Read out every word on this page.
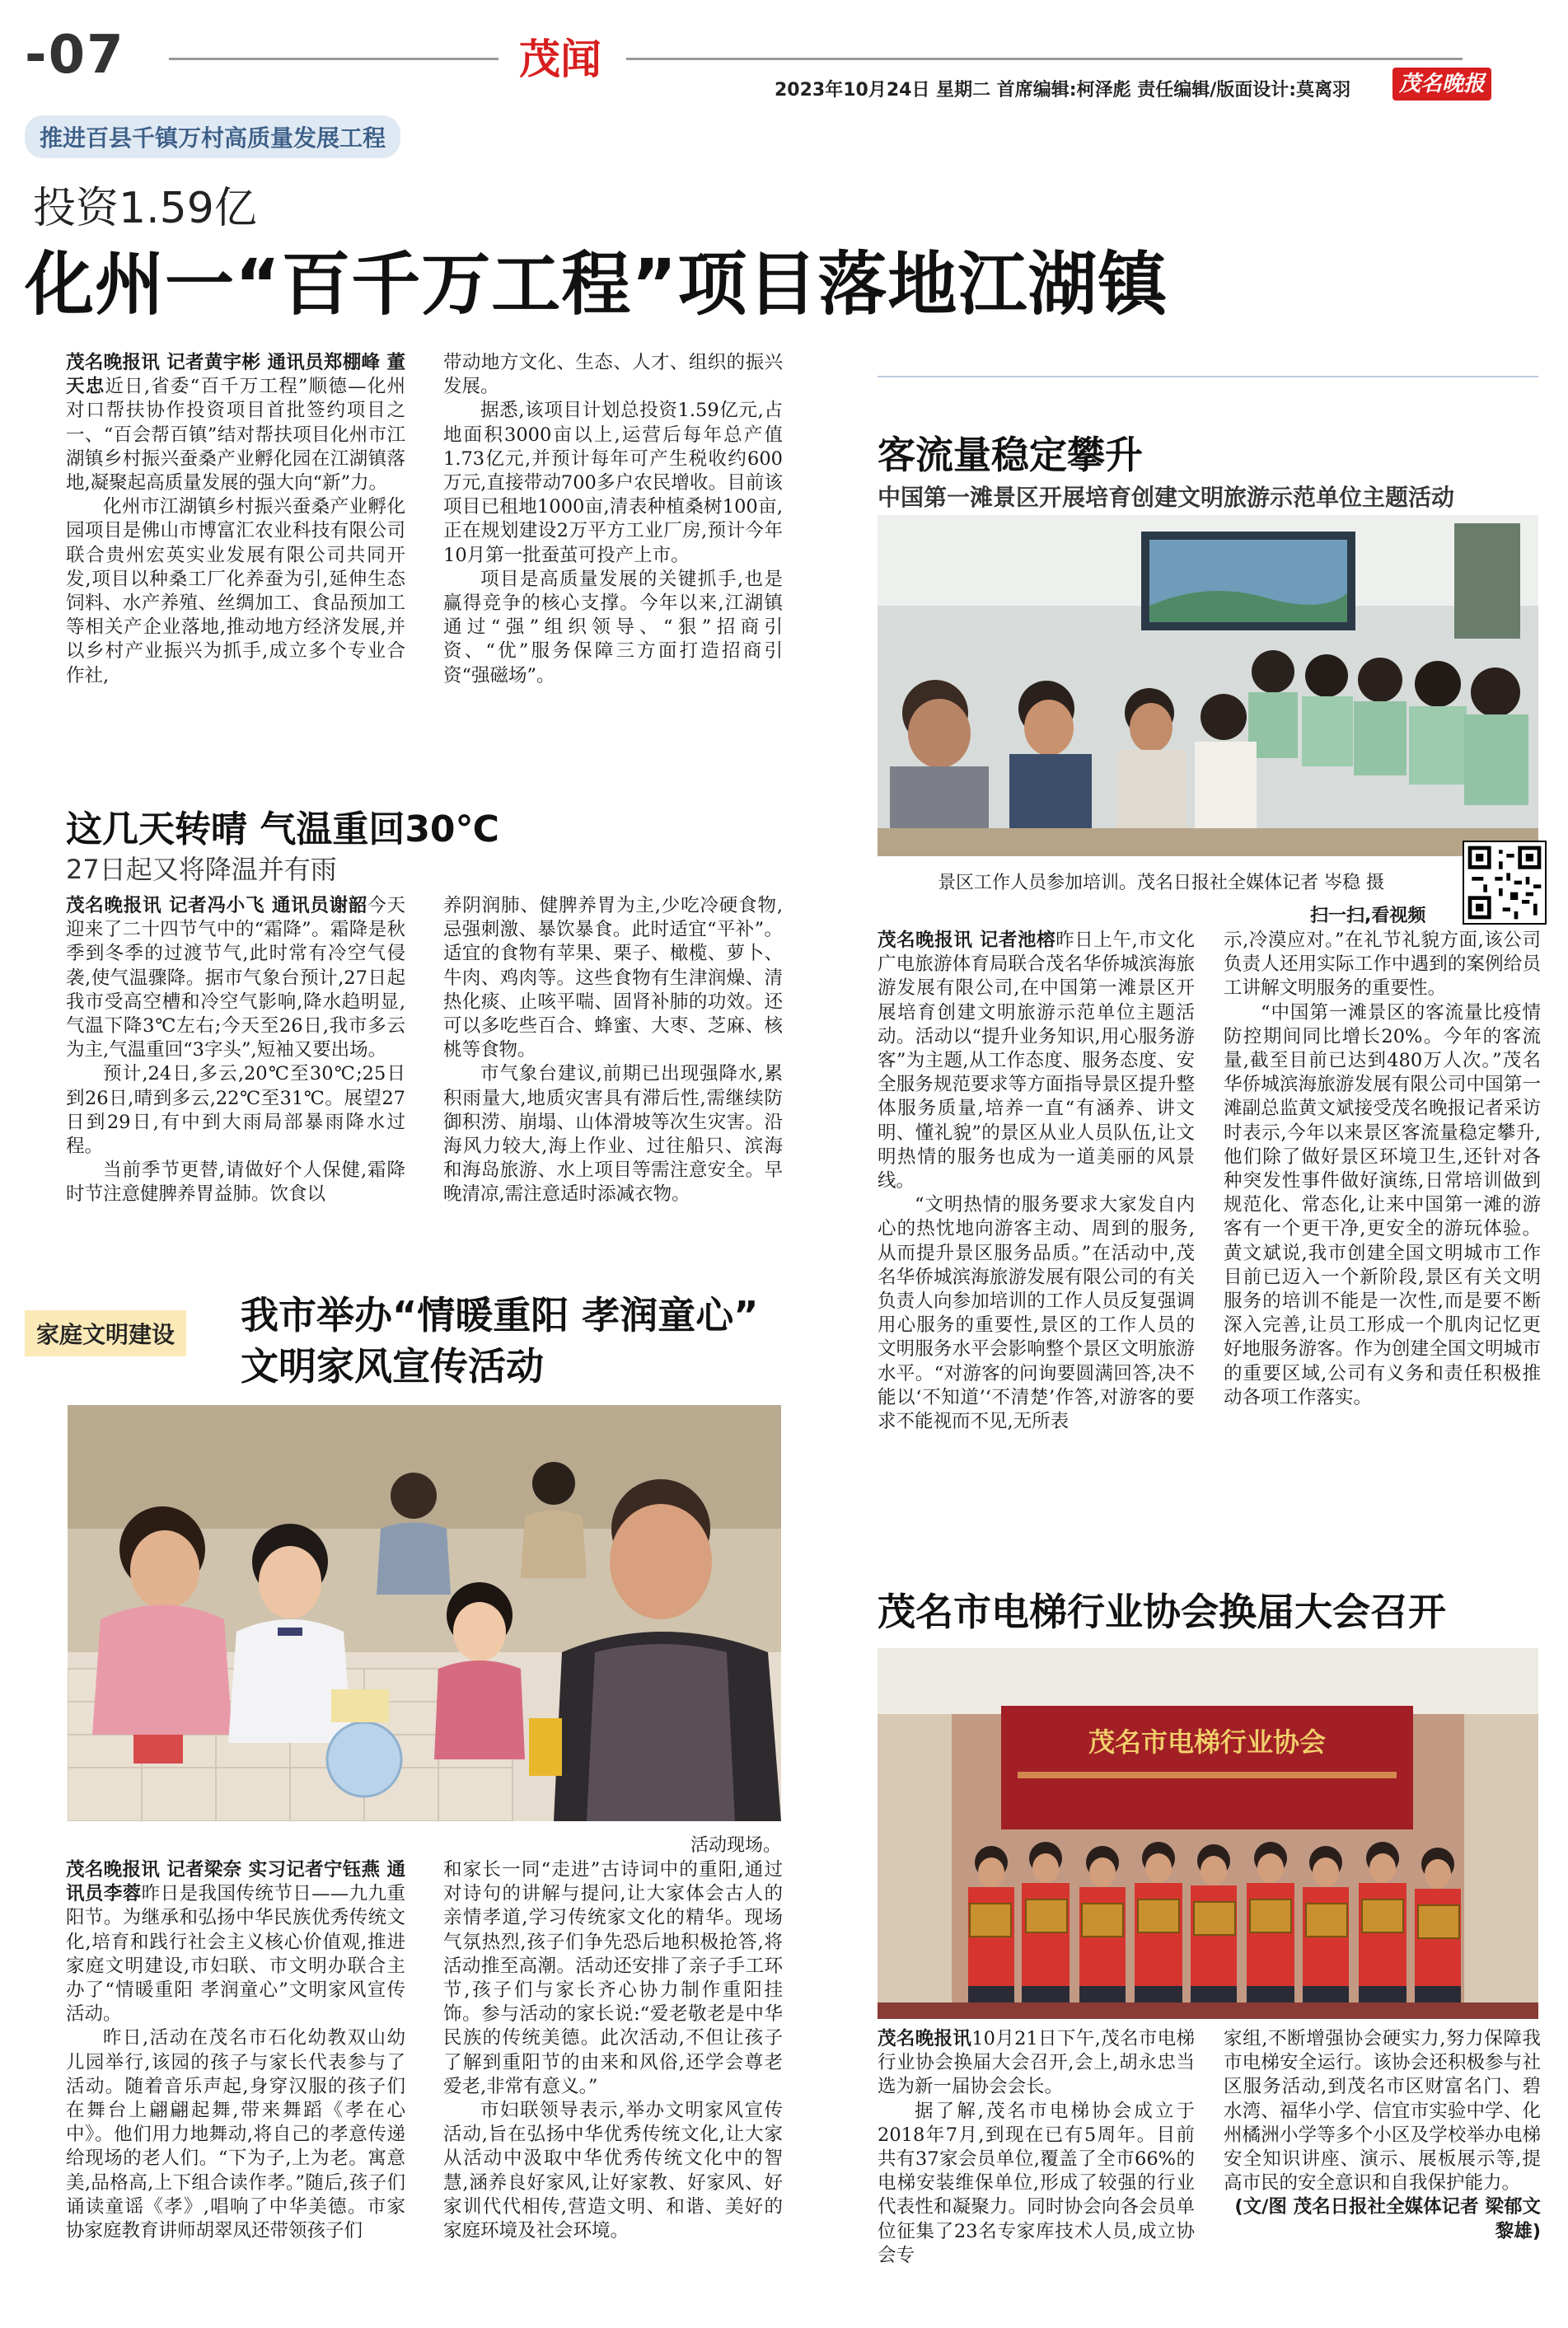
-07	茂闻
2023年10月24日 星期二 首席编辑:柯泽彪 责任编辑/版面设计:莫离羽	茂名晚报
推进百县千镇万村高质量发展工程
投资1.59亿
化州一“百千万工程”项目落地江湖镇

茂名晚报讯 记者黄宇彬 通讯员郑棚峰 董天忠近日,省委“百千万工程”顺德—化州对口帮扶协作投资项目首批签约项目之一、“百会帮百镇”结对帮扶项目化州市江湖镇乡村振兴蚕桑产业孵化园在江湖镇落地,凝聚起高质量发展的强大向“新”力。

化州市江湖镇乡村振兴蚕桑产业孵化园项目是佛山市博富汇农业科技有限公司联合贵州宏英实业发展有限公司共同开发,项目以种桑工厂化养蚕为引,延伸生态饲料、水产养殖、丝绸加工、食品预加工等相关产企业落地,推动地方经济发展,并以乡村产业振兴为抓手,成立多个专业合作社,

带动地方文化、生态、人才、组织的振兴发展。

据悉,该项目计划总投资1.59亿元,占地面积3000亩以上,运营后每年总产值1.73亿元,并预计每年可产生税收约600万元,直接带动700多户农民增收。目前该项目已租地1000亩,清表种植桑树100亩,正在规划建设2万平方工业厂房,预计今年10月第一批蚕茧可投产上市。

项目是高质量发展的关键抓手,也是赢得竞争的核心支撑。今年以来,江湖镇通过“强”组织领导、“狠”招商引资、“优”服务保障三方面打造招商引资“强磁场”。

这几天转晴 气温重回30℃
27日起又将降温并有雨

茂名晚报讯 记者冯小飞 通讯员谢韶今天迎来了二十四节气中的“霜降”。霜降是秋季到冬季的过渡节气,此时常有冷空气侵袭,使气温骤降。据市气象台预计,27日起我市受高空槽和冷空气影响,降水趋明显,气温下降3℃左右;今天至26日,我市多云为主,气温重回“3字头”,短袖又要出场。

预计,24日,多云,20℃至30℃;25日到26日,晴到多云,22℃至31℃。展望27日到29日,有中到大雨局部暴雨降水过程。

当前季节更替,请做好个人保健,霜降时节注意健脾养胃益肺。饮食以

养阴润肺、健脾养胃为主,少吃冷硬食物,忌强刺激、暴饮暴食。此时适宜“平补”。适宜的食物有苹果、栗子、橄榄、萝卜、牛肉、鸡肉等。这些食物有生津润燥、清热化痰、止咳平喘、固肾补肺的功效。还可以多吃些百合、蜂蜜、大枣、芝麻、核桃等食物。

市气象台建议,前期已出现强降水,累积雨量大,地质灾害具有滞后性,需继续防御积涝、崩塌、山体滑坡等次生灾害。沿海风力较大,海上作业、过往船只、滨海和海岛旅游、水上项目等需注意安全。早晚清凉,需注意适时添减衣物。

家庭文明建设	我市举办“情暖重阳 孝润童心”
文明家风宣传活动
活动现场。

茂名晚报讯 记者梁奈 实习记者宁钰燕 通讯员李蓉昨日是我国传统节日——九九重阳节。为继承和弘扬中华民族优秀传统文化,培育和践行社会主义核心价值观,推进家庭文明建设,市妇联、市文明办联合主办了“情暖重阳 孝润童心”文明家风宣传活动。

昨日,活动在茂名市石化幼教双山幼儿园举行,该园的孩子与家长代表参与了活动。随着音乐声起,身穿汉服的孩子们在舞台上翩翩起舞,带来舞蹈《孝在心中》。他们用力地舞动,将自己的孝意传递给现场的老人们。“下为子,上为老。寓意美,品格高,上下组合读作孝。”随后,孩子们诵读童谣《孝》,唱响了中华美德。市家协家庭教育讲师胡翠凤还带领孩子们

和家长一同“走进”古诗词中的重阳,通过对诗句的讲解与提问,让大家体会古人的亲情孝道,学习传统家文化的精华。现场气氛热烈,孩子们争先恐后地积极抢答,将活动推至高潮。活动还安排了亲子手工环节,孩子们与家长齐心协力制作重阳挂饰。参与活动的家长说:“爱老敬老是中华民族的传统美德。此次活动,不但让孩子了解到重阳节的由来和风俗,还学会尊老爱老,非常有意义。”

市妇联领导表示,举办文明家风宣传活动,旨在弘扬中华优秀传统文化,让大家从活动中汲取中华优秀传统文化中的智慧,涵养良好家风,让好家教、好家风、好家训代代相传,营造文明、和谐、美好的家庭环境及社会环境。

客流量稳定攀升
中国第一滩景区开展培育创建文明旅游示范单位主题活动
景区工作人员参加培训。茂名日报社全媒体记者 岑稳 摄
扫一扫,看视频

茂名晚报讯 记者池榕昨日上午,市文化广电旅游体育局联合茂名华侨城滨海旅游发展有限公司,在中国第一滩景区开展培育创建文明旅游示范单位主题活动。活动以“提升业务知识,用心服务游客”为主题,从工作态度、服务态度、安全服务规范要求等方面指导景区提升整体服务质量,培养一直“有涵养、讲文明、懂礼貌”的景区从业人员队伍,让文明热情的服务也成为一道美丽的风景线。

“文明热情的服务要求大家发自内心的热忱地向游客主动、周到的服务,从而提升景区服务品质。”在活动中,茂名华侨城滨海旅游发展有限公司的有关负责人向参加培训的工作人员反复强调用心服务的重要性,景区的工作人员的文明服务水平会影响整个景区文明旅游水平。“对游客的问询要圆满回答,决不能以‘不知道’‘不清楚’作答,对游客的要求不能视而不见,无所表

示,冷漠应对。”在礼节礼貌方面,该公司负责人还用实际工作中遇到的案例给员工讲解文明服务的重要性。

“中国第一滩景区的客流量比疫情防控期间同比增长20%。今年的客流量,截至目前已达到480万人次。”茂名华侨城滨海旅游发展有限公司中国第一滩副总监黄文斌接受茂名晚报记者采访时表示,今年以来景区客流量稳定攀升,他们除了做好景区环境卫生,还针对各种突发性事件做好演练,日常培训做到规范化、常态化,让来中国第一滩的游客有一个更干净,更安全的游玩体验。黄文斌说,我市创建全国文明城市工作目前已迈入一个新阶段,景区有关文明服务的培训不能是一次性,而是要不断深入完善,让员工形成一个肌肉记忆更好地服务游客。作为创建全国文明城市的重要区域,公司有义务和责任积极推动各项工作落实。

茂名市电梯行业协会换届大会召开
茂名市电梯行业协会

茂名晚报讯10月21日下午,茂名市电梯行业协会换届大会召开,会上,胡永忠当选为新一届协会会长。

据了解,茂名市电梯协会成立于2018年7月,到现在已有5周年。目前共有37家会员单位,覆盖了全市66%的电梯安装维保单位,形成了较强的行业代表性和凝聚力。同时协会向各会员单位征集了23名专家库技术人员,成立协会专

家组,不断增强协会硬实力,努力保障我市电梯安全运行。该协会还积极参与社区服务活动,到茂名市区财富名门、碧水湾、福华小学、信宜市实验中学、化州橘洲小学等多个小区及学校举办电梯安全知识讲座、演示、展板展示等,提高市民的安全意识和自我保护能力。

(文/图 茂名日报社全媒体记者 梁郁文 黎雄)
